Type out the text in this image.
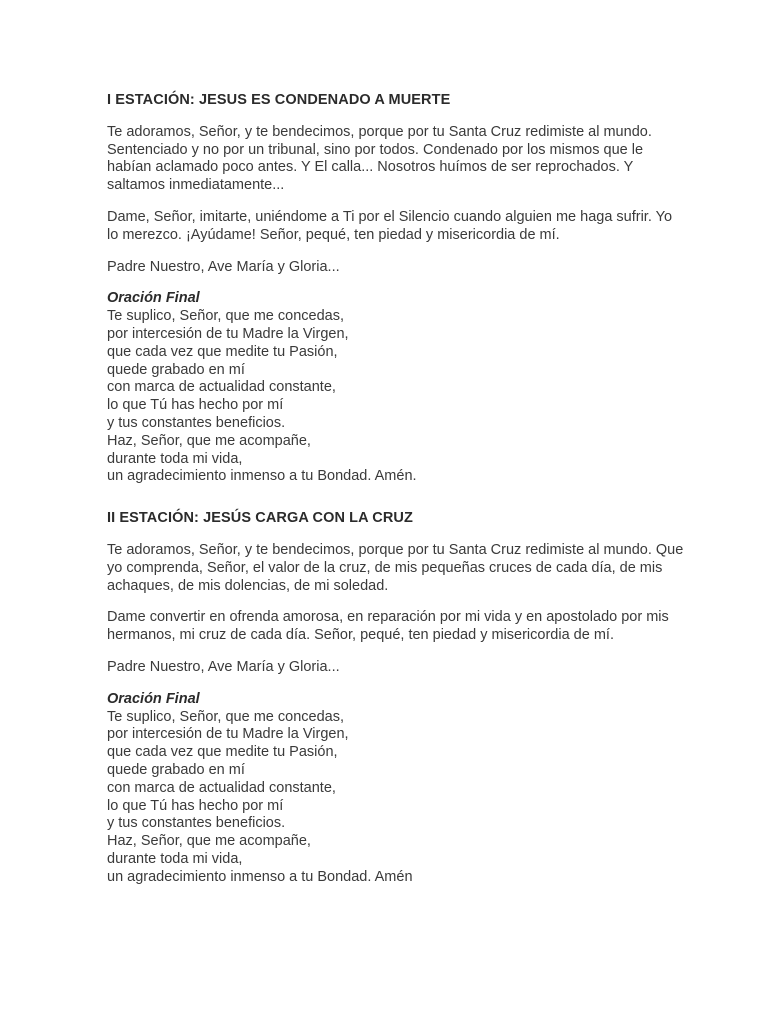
I ESTACIÓN: JESUS ES CONDENADO A MUERTE

Te adoramos, Señor, y te bendecimos, porque por tu Santa Cruz redimiste al mundo. Sentenciado y no por un tribunal, sino por todos. Condenado por los mismos que le habían aclamado poco antes. Y El calla... Nosotros huímos de ser reprochados. Y saltamos inmediatamente...

Dame, Señor, imitarte, uniéndome a Ti por el Silencio cuando alguien me haga sufrir. Yo lo merezco. ¡Ayúdame! Señor, pequé, ten piedad y misericordia de mí.

Padre Nuestro, Ave María y Gloria...

Oración Final
Te suplico, Señor, que me concedas,
por intercesión de tu Madre la Virgen,
que cada vez que medite tu Pasión,
quede grabado en mí
con marca de actualidad constante,
lo que Tú has hecho por mí
y tus constantes beneficios.
Haz, Señor, que me acompañe,
durante toda mi vida,
un agradecimiento inmenso a tu Bondad. Amén.
II ESTACIÓN: JESÚS CARGA CON LA CRUZ

Te adoramos, Señor, y te bendecimos, porque por tu Santa Cruz redimiste al mundo. Que yo comprenda, Señor, el valor de la cruz, de mis pequeñas cruces de cada día, de mis achaques, de mis dolencias, de mi soledad.

Dame convertir en ofrenda amorosa, en reparación por mi vida y en apostolado por mis hermanos, mi cruz de cada día. Señor, pequé, ten piedad y misericordia de mí.

Padre Nuestro, Ave María y Gloria...

Oración Final
Te suplico, Señor, que me concedas,
por intercesión de tu Madre la Virgen,
que cada vez que medite tu Pasión,
quede grabado en mí
con marca de actualidad constante,
lo que Tú has hecho por mí
y tus constantes beneficios.
Haz, Señor, que me acompañe,
durante toda mi vida,
un agradecimiento inmenso a tu Bondad. Amén
